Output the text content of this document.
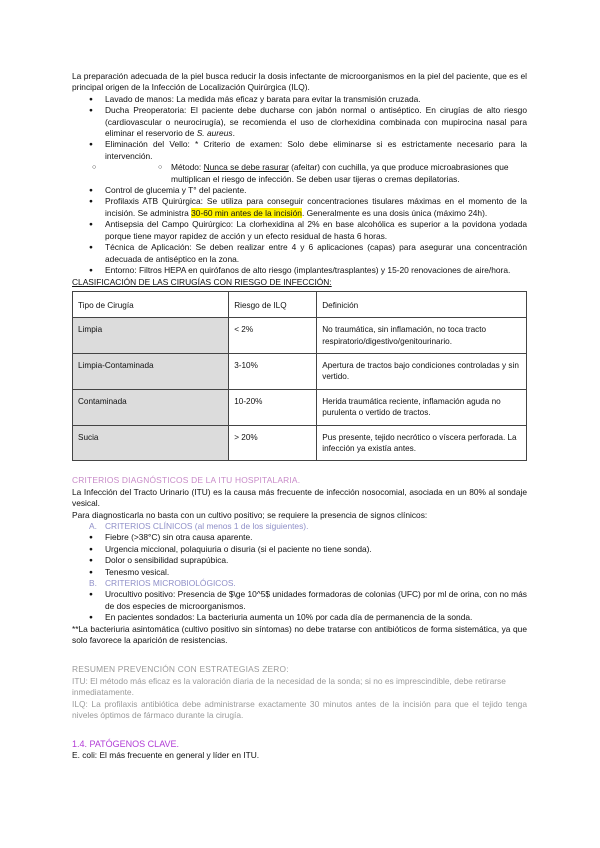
La preparación adecuada de la piel busca reducir la dosis infectante de microorganismos en la piel del paciente, que es el principal origen de la Infección de Localización Quirúrgica (ILQ).

● Lavado de manos: La medida más eficaz y barata para evitar la transmisión cruzada.
● Ducha Preoperatoria: El paciente debe ducharse con jabón normal o antiséptico. En cirugías de alto riesgo (cardiovascular o neurocirugía), se recomienda el uso de clorhexidina combinada con mupirocina nasal para eliminar el reservorio de S. aureus.
● Eliminación del Vello: * Criterio de examen: Solo debe eliminarse si es estrictamente necesario para la intervención.
○ ○ Método: Nunca se debe rasurar (afeitar) con cuchilla, ya que produce microabrasiones que multiplican el riesgo de infección. Se deben usar tijeras o cremas depilatorias.
● Control de glucemia y T° del paciente.
● Profilaxis ATB Quirúrgica: Se utiliza para conseguir concentraciones tisulares máximas en el momento de la incisión. Se administra 30-60 min antes de la incisión. Generalmente es una dosis única (máximo 24h).
● Antisepsia del Campo Quirúrgico: La clorhexidina al 2% en base alcohólica es superior a la povidona yodada porque tiene mayor rapidez de acción y un efecto residual de hasta 6 horas.
● Técnica de Aplicación: Se deben realizar entre 4 y 6 aplicaciones (capas) para asegurar una concentración adecuada de antiséptico en la zona.
● Entorno: Filtros HEPA en quirófanos de alto riesgo (implantes/trasplantes) y 15-20 renovaciones de aire/hora.

CLASIFICACIÓN DE LAS CIRUGÍAS CON RIESGO DE INFECCIÓN:

Tipo de Cirugía	Riesgo de ILQ	Definición
Limpia	< 2%	No traumática, sin inflamación, no toca tracto respiratorio/digestivo/genitourinario.
Limpia-Contaminada	3-10%	Apertura de tractos bajo condiciones controladas y sin vertido.
Contaminada	10-20%	Herida traumática reciente, inflamación aguda no purulenta o vertido de tractos.
Sucia	> 20%	Pus presente, tejido necrótico o víscera perforada. La infección ya existía antes.

CRITERIOS DIAGNÓSTICOS DE LA ITU HOSPITALARIA.

La Infección del Tracto Urinario (ITU) es la causa más frecuente de infección nosocomial, asociada en un 80% al sondaje vesical.

Para diagnosticarla no basta con un cultivo positivo; se requiere la presencia de signos clínicos:

A. CRITERIOS CLÍNICOS (al menos 1 de los siguientes).
● Fiebre (>38°C) sin otra causa aparente.
● Urgencia miccional, polaquiuria o disuria (si el paciente no tiene sonda).
● Dolor o sensibilidad suprapúbica.
● Tenesmo vesical.
B. CRITERIOS MICROBIOLÓGICOS.
● Urocultivo positivo: Presencia de $\ge 10^5$ unidades formadoras de colonias (UFC) por ml de orina, con no más de dos especies de microorganismos.
● En pacientes sondados: La bacteriuria aumenta un 10% por cada día de permanencia de la sonda.

**La bacteriuria asintomática (cultivo positivo sin síntomas) no debe tratarse con antibióticos de forma sistemática, ya que solo favorece la aparición de resistencias.

RESUMEN PREVENCIÓN CON ESTRATEGIAS ZERO:

ITU: El método más eficaz es la valoración diaria de la necesidad de la sonda; si no es imprescindible, debe retirarse inmediatamente.

ILQ: La profilaxis antibiótica debe administrarse exactamente 30 minutos antes de la incisión para que el tejido tenga niveles óptimos de fármaco durante la cirugía.

1.4. PATÓGENOS CLAVE.

E. coli: El más frecuente en general y líder en ITU.
